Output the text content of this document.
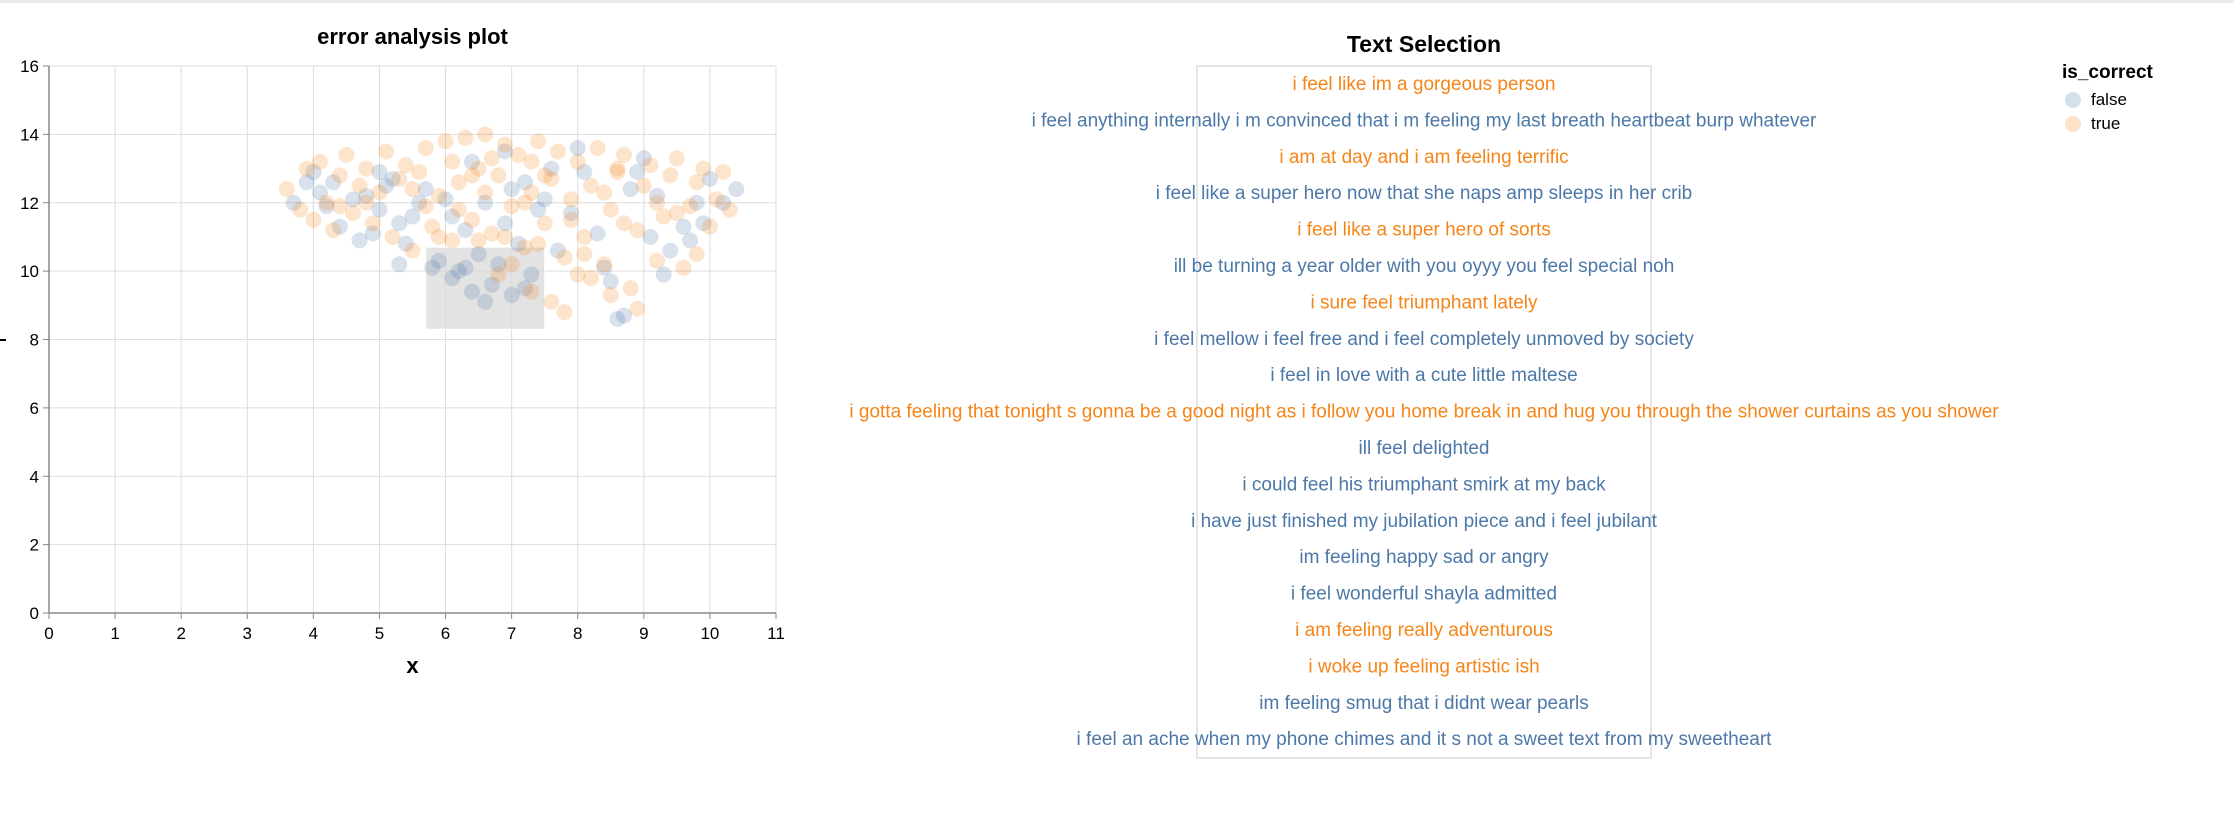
error analysis plot
0	1	2	3	4	5	6	7	8	9	10	11
0
2
4
6
8
10
12
14
16
x
Text Selection
i feel like im a gorgeous person
i feel anything internally i m convinced that i m feeling my last breath heartbeat burp whatever
i am at day and i am feeling terrific
i feel like a super hero now that she naps amp sleeps in her crib
i feel like a super hero of sorts
ill be turning a year older with you oyyy you feel special noh
i sure feel triumphant lately
i feel mellow i feel free and i feel completely unmoved by society
i feel in love with a cute little maltese
i gotta feeling that tonight s gonna be a good night as i follow you home break in and hug you through the shower curtains as you shower
ill feel delighted
i could feel his triumphant smirk at my back
i have just finished my jubilation piece and i feel jubilant
im feeling happy sad or angry
i feel wonderful shayla admitted
i am feeling really adventurous
i woke up feeling artistic ish
im feeling smug that i didnt wear pearls
i feel an ache when my phone chimes and it s not a sweet text from my sweetheart
is_correct
false
true
